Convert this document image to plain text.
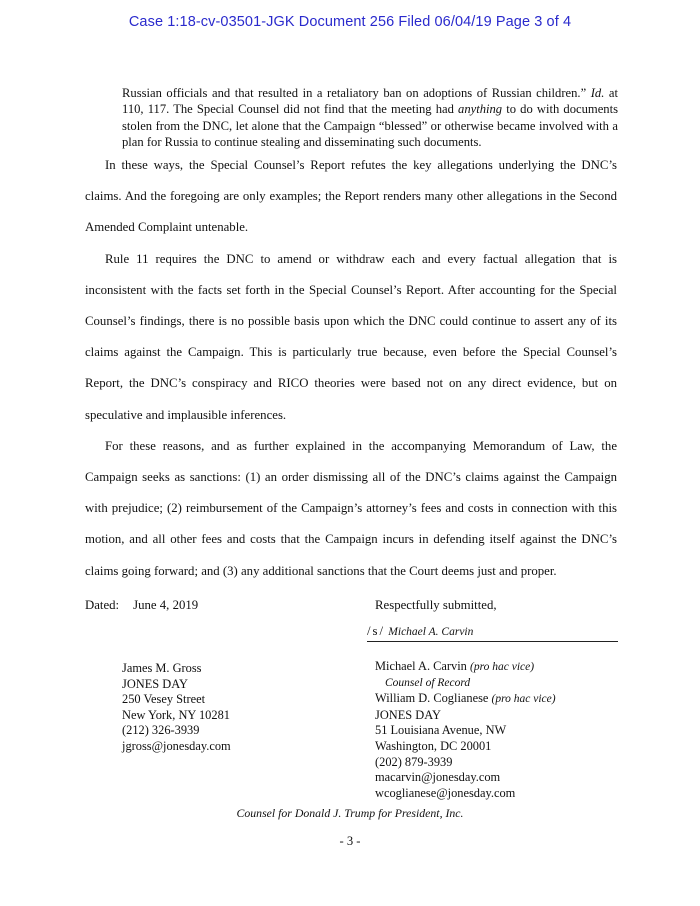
Case 1:18-cv-03501-JGK Document 256 Filed 06/04/19 Page 3 of 4
Russian officials and that resulted in a retaliatory ban on adoptions of Russian children.” Id. at 110, 117. The Special Counsel did not find that the meeting had anything to do with documents stolen from the DNC, let alone that the Campaign “blessed” or otherwise became involved with a plan for Russia to continue stealing and disseminating such documents.

In these ways, the Special Counsel’s Report refutes the key allegations underlying the DNC’s claims. And the foregoing are only examples; the Report renders many other allegations in the Second Amended Complaint untenable.

Rule 11 requires the DNC to amend or withdraw each and every factual allegation that is inconsistent with the facts set forth in the Special Counsel’s Report. After accounting for the Special Counsel’s findings, there is no possible basis upon which the DNC could continue to assert any of its claims against the Campaign. This is particularly true because, even before the Special Counsel’s Report, the DNC’s conspiracy and RICO theories were based not on any direct evidence, but on speculative and implausible inferences.

For these reasons, and as further explained in the accompanying Memorandum of Law, the Campaign seeks as sanctions: (1) an order dismissing all of the DNC’s claims against the Campaign with prejudice; (2) reimbursement of the Campaign’s attorney’s fees and costs in connection with this motion, and all other fees and costs that the Campaign incurs in defending itself against the DNC’s claims going forward; and (3) any additional sanctions that the Court deems just and proper.

Dated: June 4, 2019	Respectfully submitted,
/s/ Michael A. Carvin
James M. Gross
JONES DAY
250 Vesey Street
New York, NY 10281
(212) 326-3939
jgross@jonesday.com
Michael A. Carvin (pro hac vice)
Counsel of Record
William D. Coglianese (pro hac vice)
JONES DAY
51 Louisiana Avenue, NW
Washington, DC 20001
(202) 879-3939
macarvin@jonesday.com
wcoglianese@jonesday.com
Counsel for Donald J. Trump for President, Inc.
- 3 -
